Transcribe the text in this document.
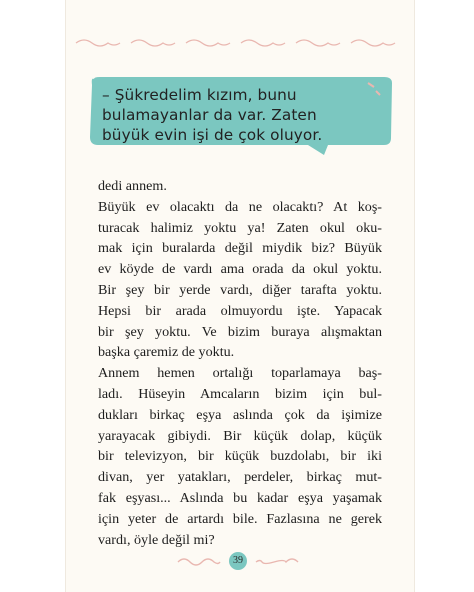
– Şükredelim kızım, bunu
bulamayanlar da var. Zaten
büyük evin işi de çok oluyor.
dedi annem.
Büyük ev olacaktı da ne olacaktı? At koş-
turacak halimiz yoktu ya! Zaten okul oku-
mak için buralarda değil miydik biz? Büyük
ev köyde de vardı ama orada da okul yoktu.
Bir şey bir yerde vardı, diğer tarafta yoktu.
Hepsi bir arada olmuyordu işte. Yapacak
bir şey yoktu. Ve bizim buraya alışmaktan
başka çaremiz de yoktu.
Annem hemen ortalığı toparlamaya baş-
ladı. Hüseyin Amcaların bizim için bul-
dukları birkaç eşya aslında çok da işimize
yarayacak gibiydi. Bir küçük dolap, küçük
bir televizyon, bir küçük buzdolabı, bir iki
divan, yer yatakları, perdeler, birkaç mut-
fak eşyası... Aslında bu kadar eşya yaşamak
için yeter de artardı bile. Fazlasına ne gerek
vardı, öyle değil mi?
39
